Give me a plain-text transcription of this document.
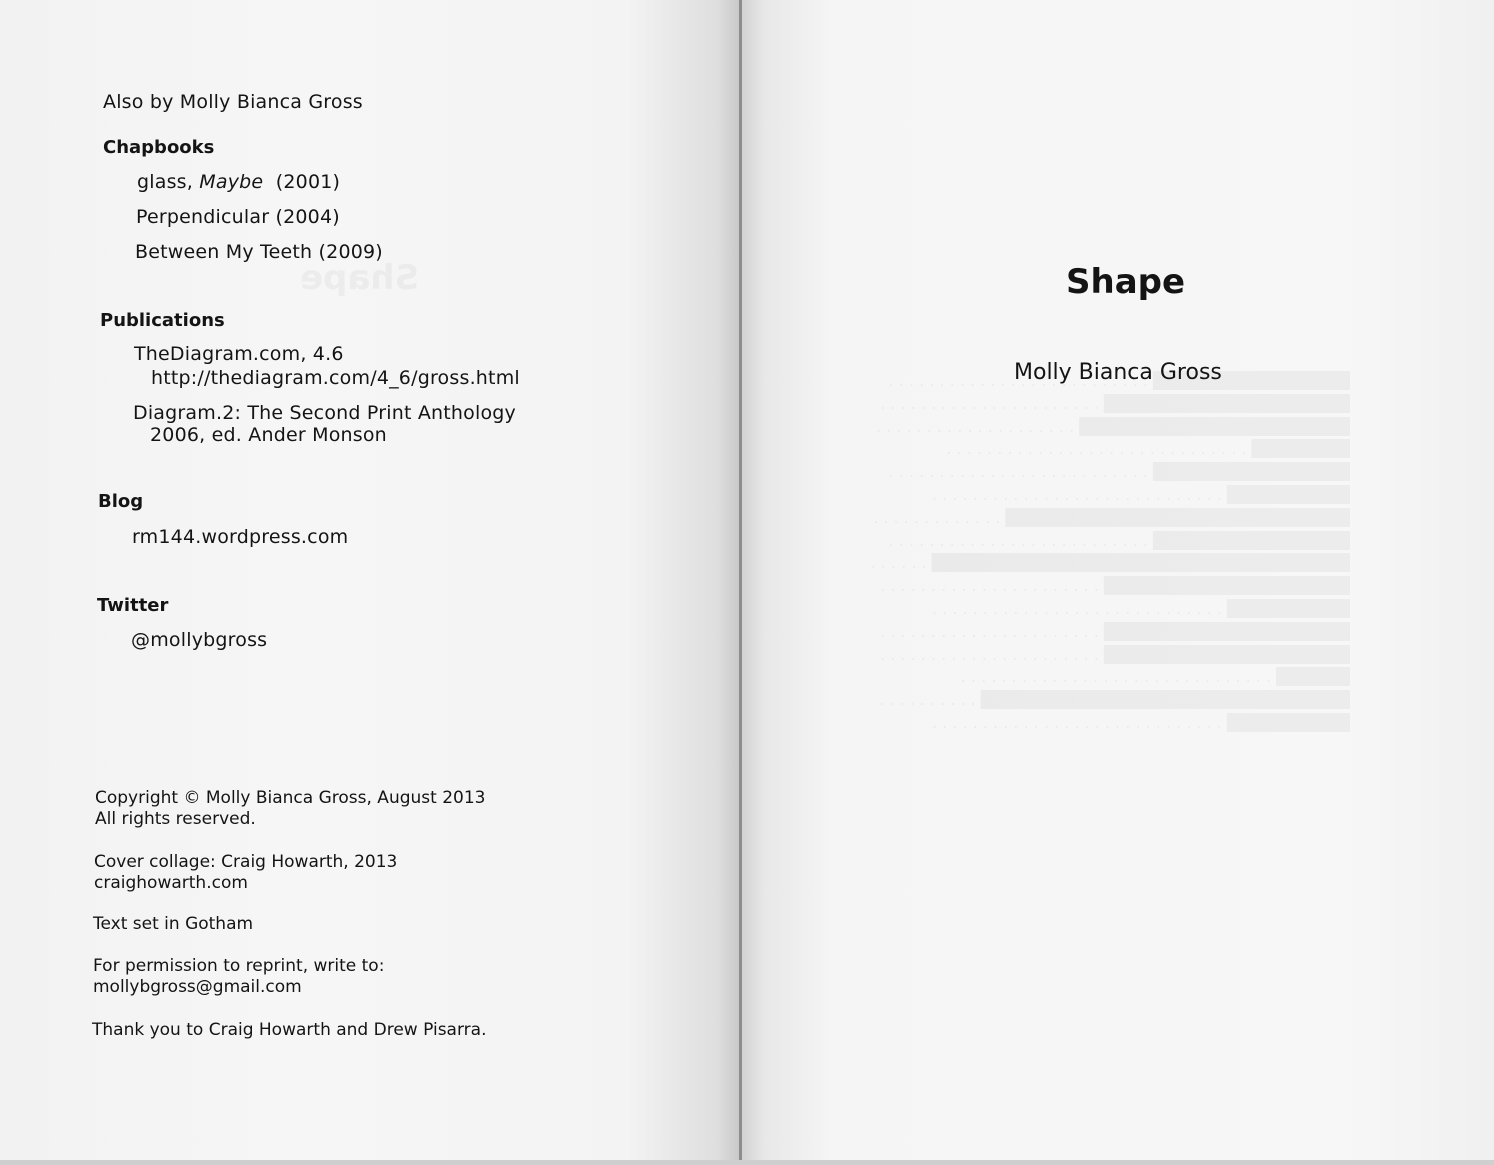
Also by Molly Bianca Gross
Chapbooks
glass, Maybe  (2001)
Perpendicular (2004)
Between My Teeth (2009)
Publications
TheDiagram.com, 4.6
http://thediagram.com/4_6/gross.html
Diagram.2: The Second Print Anthology
2006, ed. Ander Monson
Blog
rm144.wordpress.com
Twitter
@mollybgross
Copyright © Molly Bianca Gross, August 2013
All rights reserved.
Cover collage: Craig Howarth, 2013
craighowarth.com
Text set in Gotham
For permission to reprint, write to:
mollybgross@gmail.com
Thank you to Craig Howarth and Drew Pisarra.
Shape
Molly Bianca Gross
